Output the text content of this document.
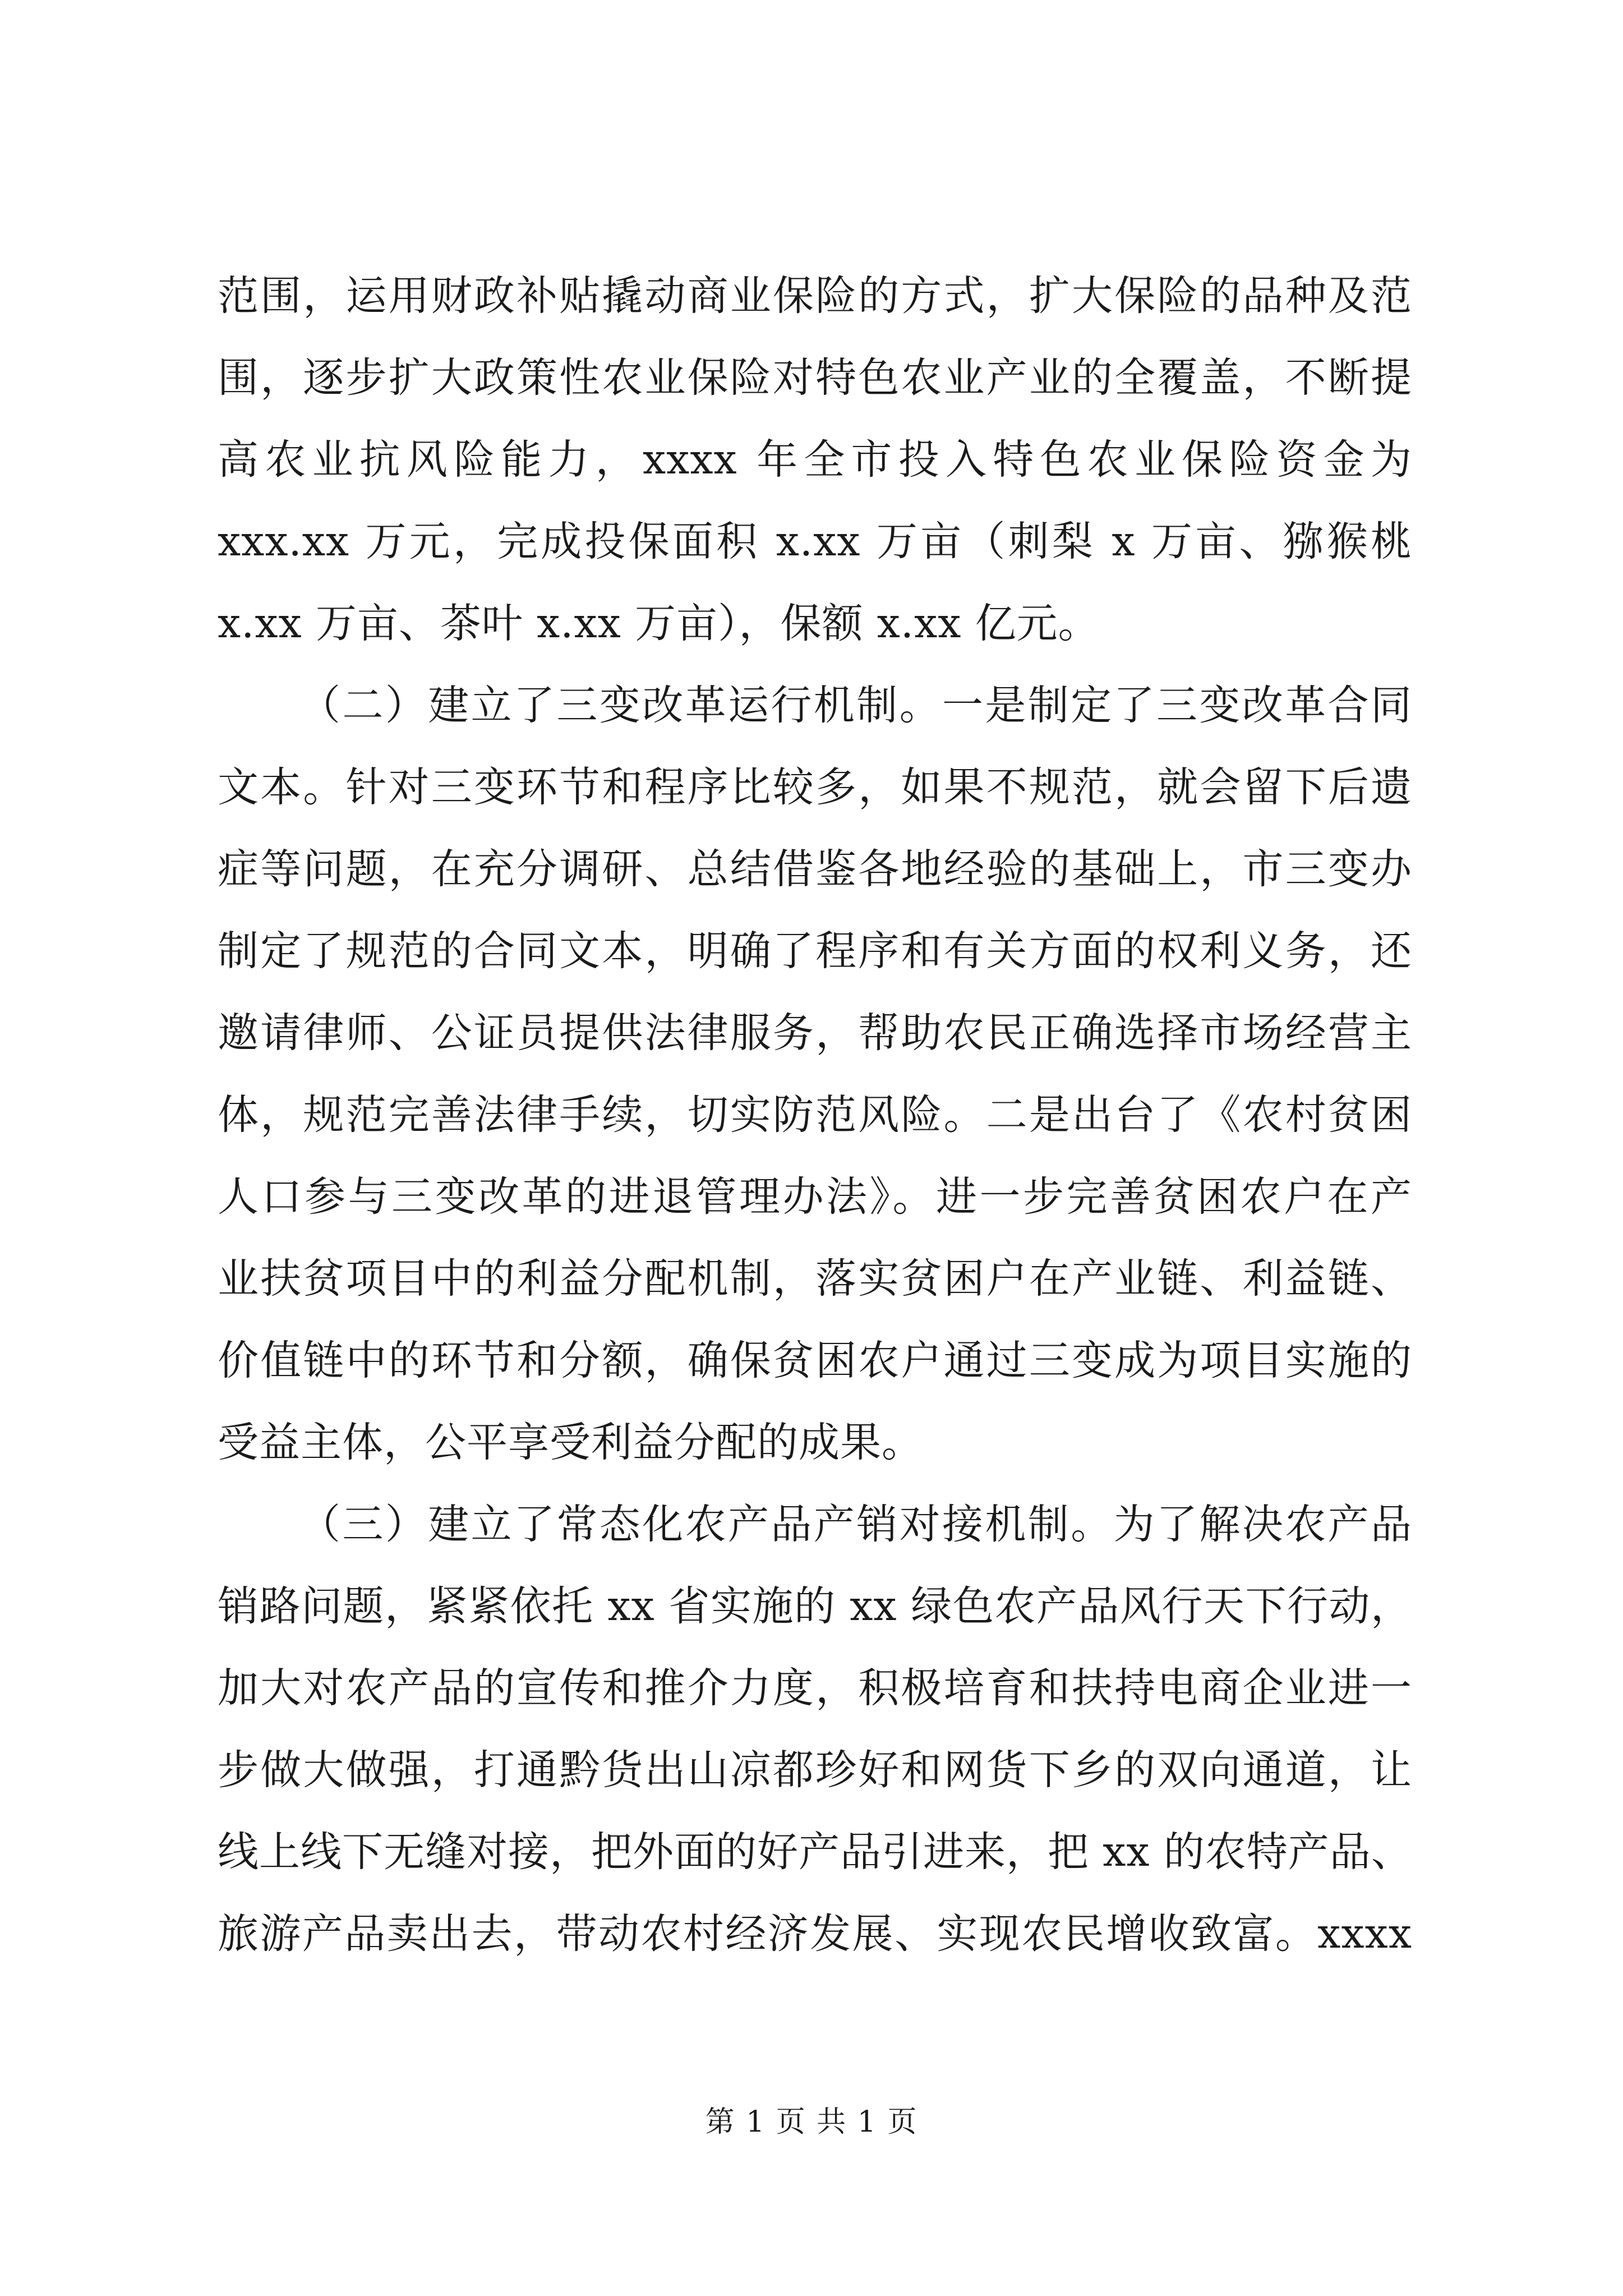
范围，运用财政补贴撬动商业保险的方式，扩大保险的品种及范
围，逐步扩大政策性农业保险对特色农业产业的全覆盖，不断提
高农业抗风险能力，xxxx 年全市投入特色农业保险资金为
xxx.xx 万元，完成投保面积 x.xx 万亩（刺梨 x 万亩、猕猴桃
x.xx 万亩、茶叶 x.xx 万亩），保额 x.xx 亿元。
（二）建立了三变改革运行机制。一是制定了三变改革合同
文本。针对三变环节和程序比较多，如果不规范，就会留下后遗
症等问题，在充分调研、总结借鉴各地经验的基础上，市三变办
制定了规范的合同文本，明确了程序和有关方面的权利义务，还
邀请律师、公证员提供法律服务，帮助农民正确选择市场经营主
体，规范完善法律手续，切实防范风险。二是出台了《农村贫困
人口参与三变改革的进退管理办法》。进一步完善贫困农户在产
业扶贫项目中的利益分配机制，落实贫困户在产业链、利益链、
价值链中的环节和分额，确保贫困农户通过三变成为项目实施的
受益主体，公平享受利益分配的成果。
（三）建立了常态化农产品产销对接机制。为了解决农产品
销路问题，紧紧依托 xx 省实施的 xx 绿色农产品风行天下行动，
加大对农产品的宣传和推介力度，积极培育和扶持电商企业进一
步做大做强，打通黔货出山凉都珍好和网货下乡的双向通道，让
线上线下无缝对接，把外面的好产品引进来，把 xx 的农特产品、
旅游产品卖出去，带动农村经济发展、实现农民增收致富。xxxx
第 1 页 共 1 页
